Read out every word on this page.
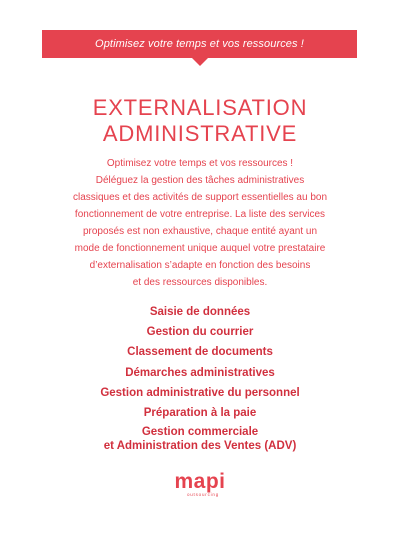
Optimisez votre temps et vos ressources !
EXTERNALISATION
ADMINISTRATIVE
Optimisez votre temps et vos ressources !
Déléguez la gestion des tâches administratives
classiques et des activités de support essentielles au bon
fonctionnement de votre entreprise. La liste des services
proposés est non exhaustive, chaque entité ayant un
mode de fonctionnement unique auquel votre prestataire
d’externalisation s’adapte en fonction des besoins
et des ressources disponibles.
Saisie de données
Gestion du courrier
Classement de documents
Démarches administratives
Gestion administrative du personnel
Préparation à la paie
Gestion commerciale
et Administration des Ventes (ADV)
mapi
outsourcing
